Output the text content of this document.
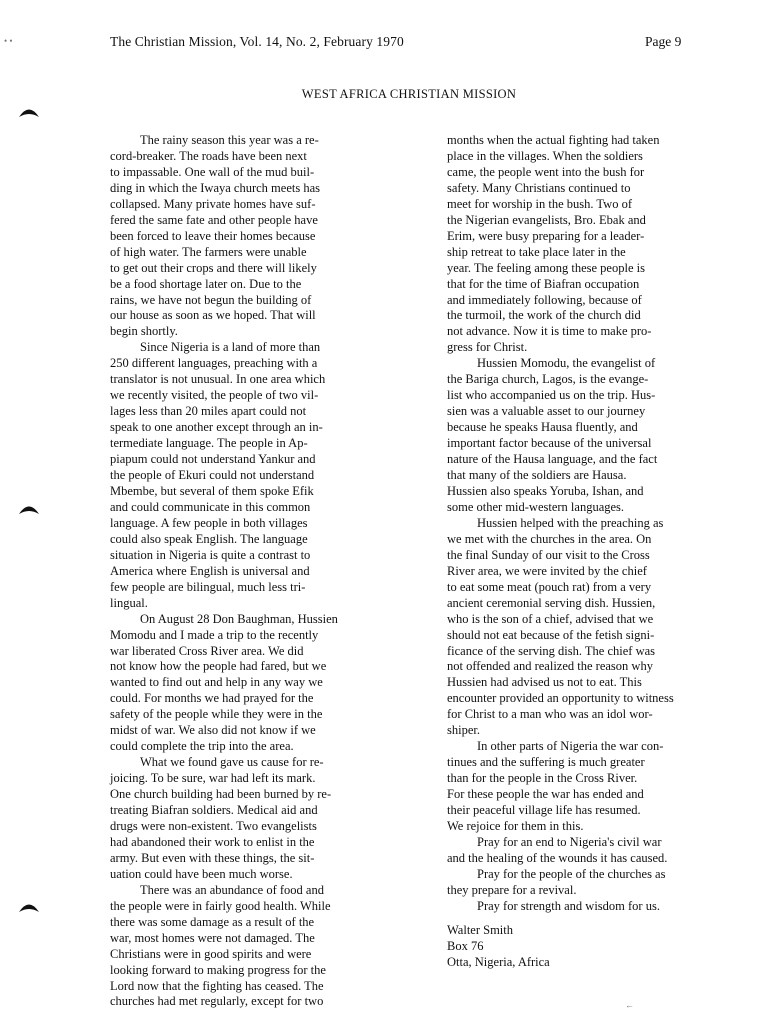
• •	The Christian Mission, Vol. 14, No. 2, February 1970	Page 9
WEST AFRICA CHRISTIAN MISSION
The rainy season this year was a re-
cord-breaker. The roads have been next
to impassable. One wall of the mud buil-
ding in which the Iwaya church meets has
collapsed. Many private homes have suf-
fered the same fate and other people have
been forced to leave their homes because
of high water. The farmers were unable
to get out their crops and there will likely
be a food shortage later on. Due to the
rains, we have not begun the building of
our house as soon as we hoped. That will
begin shortly.
Since Nigeria is a land of more than
250 different languages, preaching with a
translator is not unusual. In one area which
we recently visited, the people of two vil-
lages less than 20 miles apart could not
speak to one another except through an in-
termediate language. The people in Ap-
piapum could not understand Yankur and
the people of Ekuri could not understand
Mbembe, but several of them spoke Efik
and could communicate in this common
language. A few people in both villages
could also speak English. The language
situation in Nigeria is quite a contrast to
America where English is universal and
few people are bilingual, much less tri-
lingual.
On August 28 Don Baughman, Hussien
Momodu and I made a trip to the recently
war liberated Cross River area. We did
not know how the people had fared, but we
wanted to find out and help in any way we
could. For months we had prayed for the
safety of the people while they were in the
midst of war. We also did not know if we
could complete the trip into the area.
What we found gave us cause for re-
joicing. To be sure, war had left its mark.
One church building had been burned by re-
treating Biafran soldiers. Medical aid and
drugs were non-existent. Two evangelists
had abandoned their work to enlist in the
army. But even with these things, the sit-
uation could have been much worse.
There was an abundance of food and
the people were in fairly good health. While
there was some damage as a result of the
war, most homes were not damaged. The
Christians were in good spirits and were
looking forward to making progress for the
Lord now that the fighting has ceased. The
churches had met regularly, except for two
months when the actual fighting had taken
place in the villages. When the soldiers
came, the people went into the bush for
safety. Many Christians continued to
meet for worship in the bush. Two of
the Nigerian evangelists, Bro. Ebak and
Erim, were busy preparing for a leader-
ship retreat to take place later in the
year. The feeling among these people is
that for the time of Biafran occupation
and immediately following, because of
the turmoil, the work of the church did
not advance. Now it is time to make pro-
gress for Christ.
Hussien Momodu, the evangelist of
the Bariga church, Lagos, is the evange-
list who accompanied us on the trip. Hus-
sien was a valuable asset to our journey
because he speaks Hausa fluently, and
important factor because of the universal
nature of the Hausa language, and the fact
that many of the soldiers are Hausa.
Hussien also speaks Yoruba, Ishan, and
some other mid-western languages.
Hussien helped with the preaching as
we met with the churches in the area. On
the final Sunday of our visit to the Cross
River area, we were invited by the chief
to eat some meat (pouch rat) from a very
ancient ceremonial serving dish. Hussien,
who is the son of a chief, advised that we
should not eat because of the fetish signi-
ficance of the serving dish. The chief was
not offended and realized the reason why
Hussien had advised us not to eat. This
encounter provided an opportunity to witness
for Christ to a man who was an idol wor-
shiper.
In other parts of Nigeria the war con-
tinues and the suffering is much greater
than for the people in the Cross River.
For these people the war has ended and
their peaceful village life has resumed.
We rejoice for them in this.
Pray for an end to Nigeria's civil war
and the healing of the wounds it has caused.
Pray for the people of the churches as
they prepare for a revival.
Pray for strength and wisdom for us.
Walter Smith
Box 76
Otta, Nigeria, Africa
←
